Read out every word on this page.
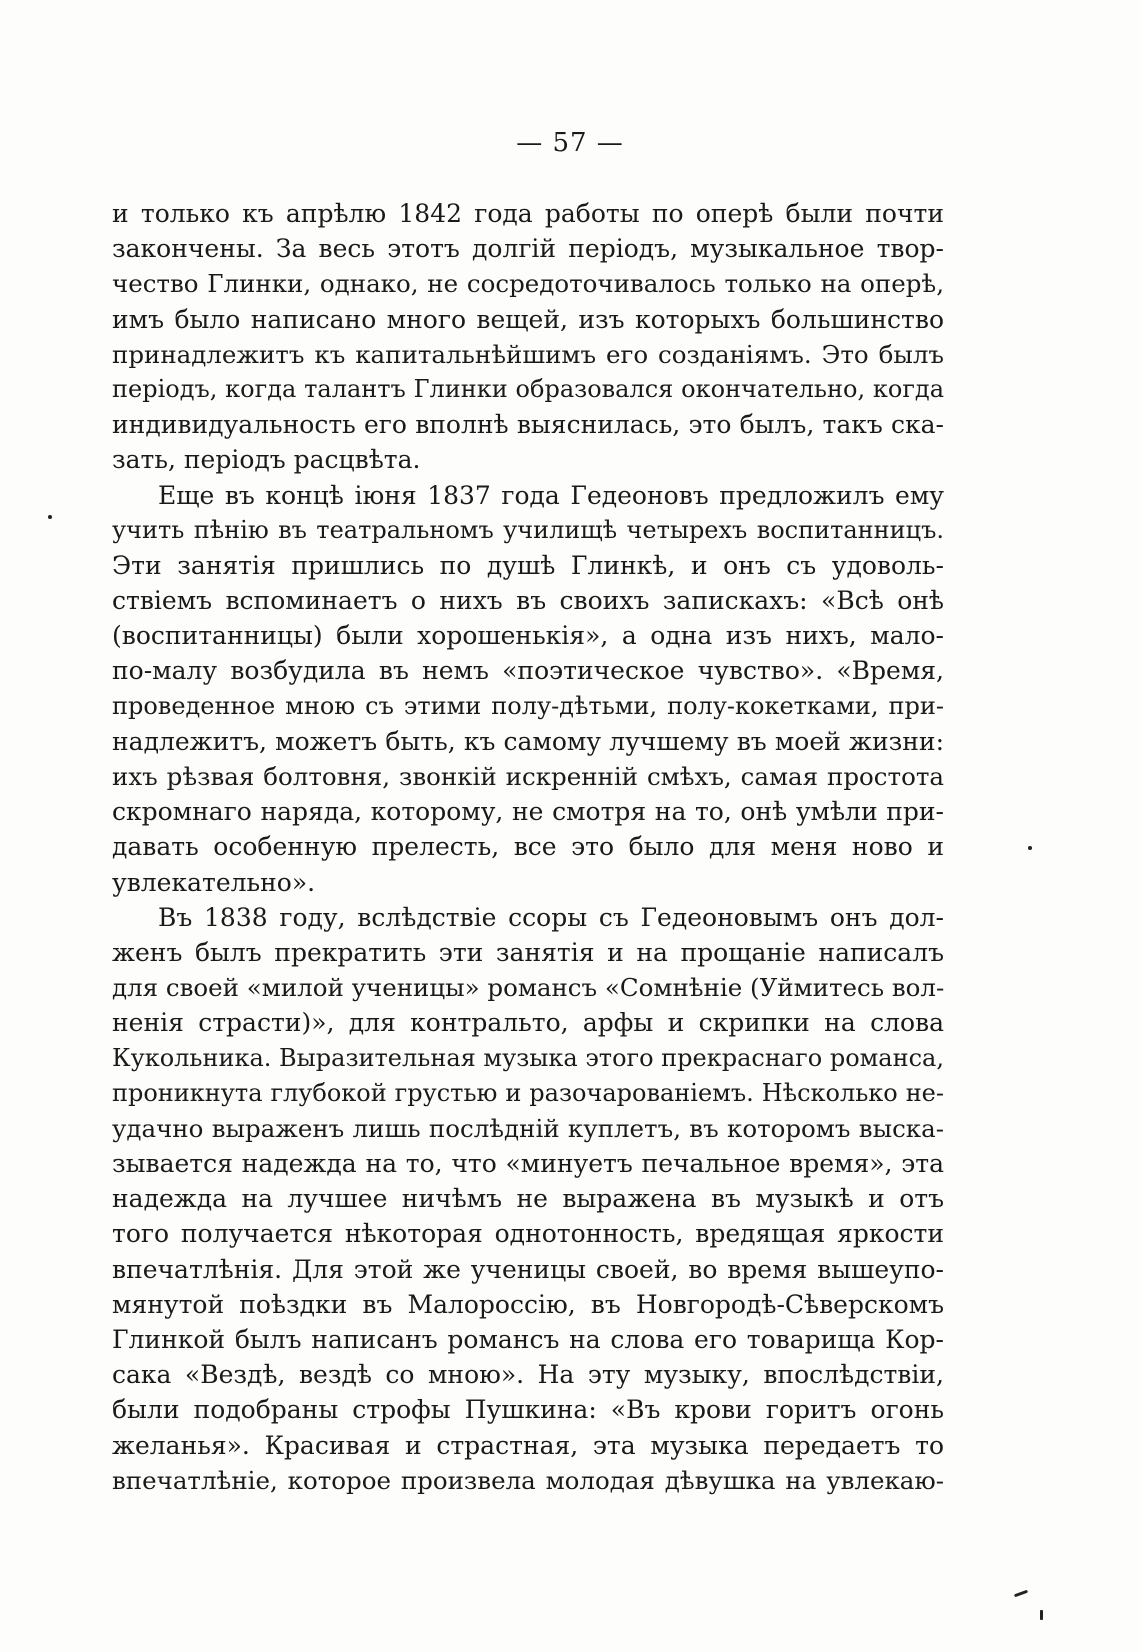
— 57 —
и только къ апрѣлю 1842 года работы по оперѣ были почти
закончены. За весь этотъ долгій періодъ, музыкальное твор-
чество Глинки, однако, не сосредоточивалось только на оперѣ,
имъ было написано много вещей, изъ которыхъ большинство
принадлежитъ къ капитальнѣйшимъ его созданіямъ. Это былъ
періодъ, когда талантъ Глинки образовался окончательно, когда
индивидуальность его вполнѣ выяснилась, это былъ, такъ ска-
зать, періодъ расцвѣта.
Еще въ концѣ іюня 1837 года Гедеоновъ предложилъ ему
учить пѣнію въ театральномъ училищѣ четырехъ воспитанницъ.
Эти занятія пришлись по душѣ Глинкѣ, и онъ съ удоволь-
ствіемъ вспоминаетъ о нихъ въ своихъ запискахъ: «Всѣ онѣ
(воспитанницы) были хорошенькія», а одна изъ нихъ, мало-
по-малу возбудила въ немъ «поэтическое чувство». «Время,
проведенное мною съ этими полу-дѣтьми, полу-кокетками, при-
надлежитъ, можетъ быть, къ самому лучшему въ моей жизни:
ихъ рѣзвая болтовня, звонкій искренній смѣхъ, самая простота
скромнаго наряда, которому, не смотря на то, онѣ умѣли при-
давать особенную прелесть, все это было для меня ново и
увлекательно».
Въ 1838 году, вслѣдствіе ссоры съ Гедеоновымъ онъ дол-
женъ былъ прекратить эти занятія и на прощаніе написалъ
для своей «милой ученицы» романсъ «Сомнѣніе (Уймитесь вол-
ненія страсти)», для контральто, арфы и скрипки на слова
Кукольника. Выразительная музыка этого прекраснаго романса,
проникнута глубокой грустью и разочарованіемъ. Нѣсколько не-
удачно выраженъ лишь послѣдній куплетъ, въ которомъ выска-
зывается надежда на то, что «минуетъ печальное время», эта
надежда на лучшее ничѣмъ не выражена въ музыкѣ и отъ
того получается нѣкоторая однотонность, вредящая яркости
впечатлѣнія. Для этой же ученицы своей, во время вышеупо-
мянутой поѣздки въ Малороссію, въ Новгородѣ-Сѣверскомъ
Глинкой былъ написанъ романсъ на слова его товарища Кор-
сака «Вездѣ, вездѣ со мною». На эту музыку, впослѣдствіи,
были подобраны строфы Пушкина: «Въ крови горитъ огонь
желанья». Красивая и страстная, эта музыка передаетъ то
впечатлѣніе, которое произвела молодая дѣвушка на увлекаю-
